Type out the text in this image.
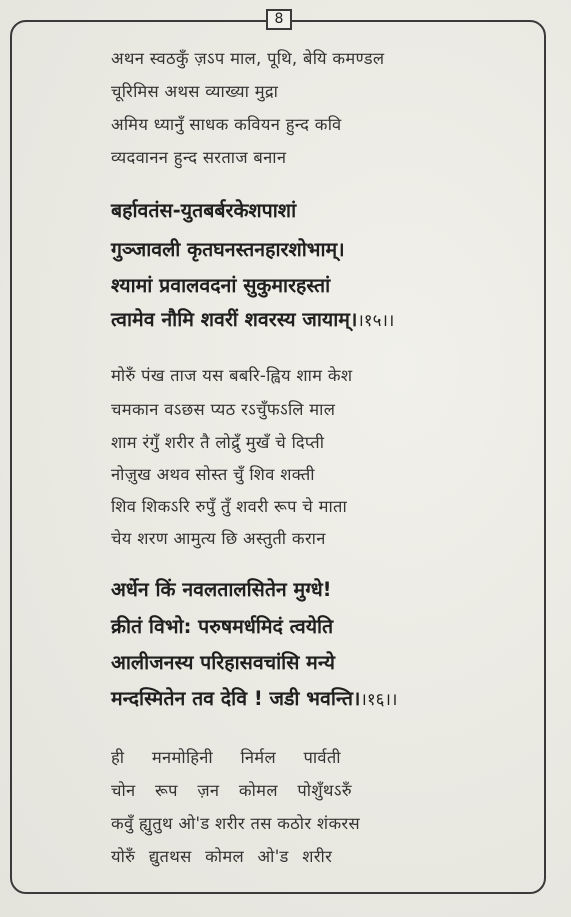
8
अथन स्वठकुँ ज़ऽप माल, पूथि, बेयि कमण्डल
चूरिमिस अथस व्याख्या मुद्रा
अमिय ध्यानुँ साधक कवियन हुन्द कवि
व्यदवानन हुन्द सरताज बनान
बर्हावतंस-युतबर्बरकेशपाशां
गुञ्जावली कृतघनस्तनहारशोभाम्।
श्यामां प्रवालवदनां सुकुमारहस्तां
त्वामेव नौमि शवरीं शवरस्य जायाम्।।१५।।
मोरुँ पंख ताज यस बबरि-ह्विय शाम केश
चमकान वऽछस प्यठ रऽचुँफऽलि माल
शाम रंगुँ शरीर तै लोद्रुँ मुखँ चे दिप्ती
नोज़ुख अथव सोस्त चुँ शिव शक्ती
शिव शिकऽरि रुपुँ तुँ शवरी रूप चे माता
चेय शरण आमुत्य छि अस्तुती करान
अर्धेन किं नवलतालसितेन मुग्धे!
क्रीतं विभो: परुषमर्धमिदं त्वयेति
आलीजनस्य परिहासवचांसि मन्ये
मन्दस्मितेन तव देवि ! जडी भवन्ति।।१६।।
ही मनमोहिनी निर्मल पार्वती
चोन रूप ज़न कोमल पोशुँथऽरुँ
कवुँ ह्युतुथ ओ'ड शरीर तस कठोर शंकरस
योरुँ द्युतथस कोमल ओ'ड शरीर
